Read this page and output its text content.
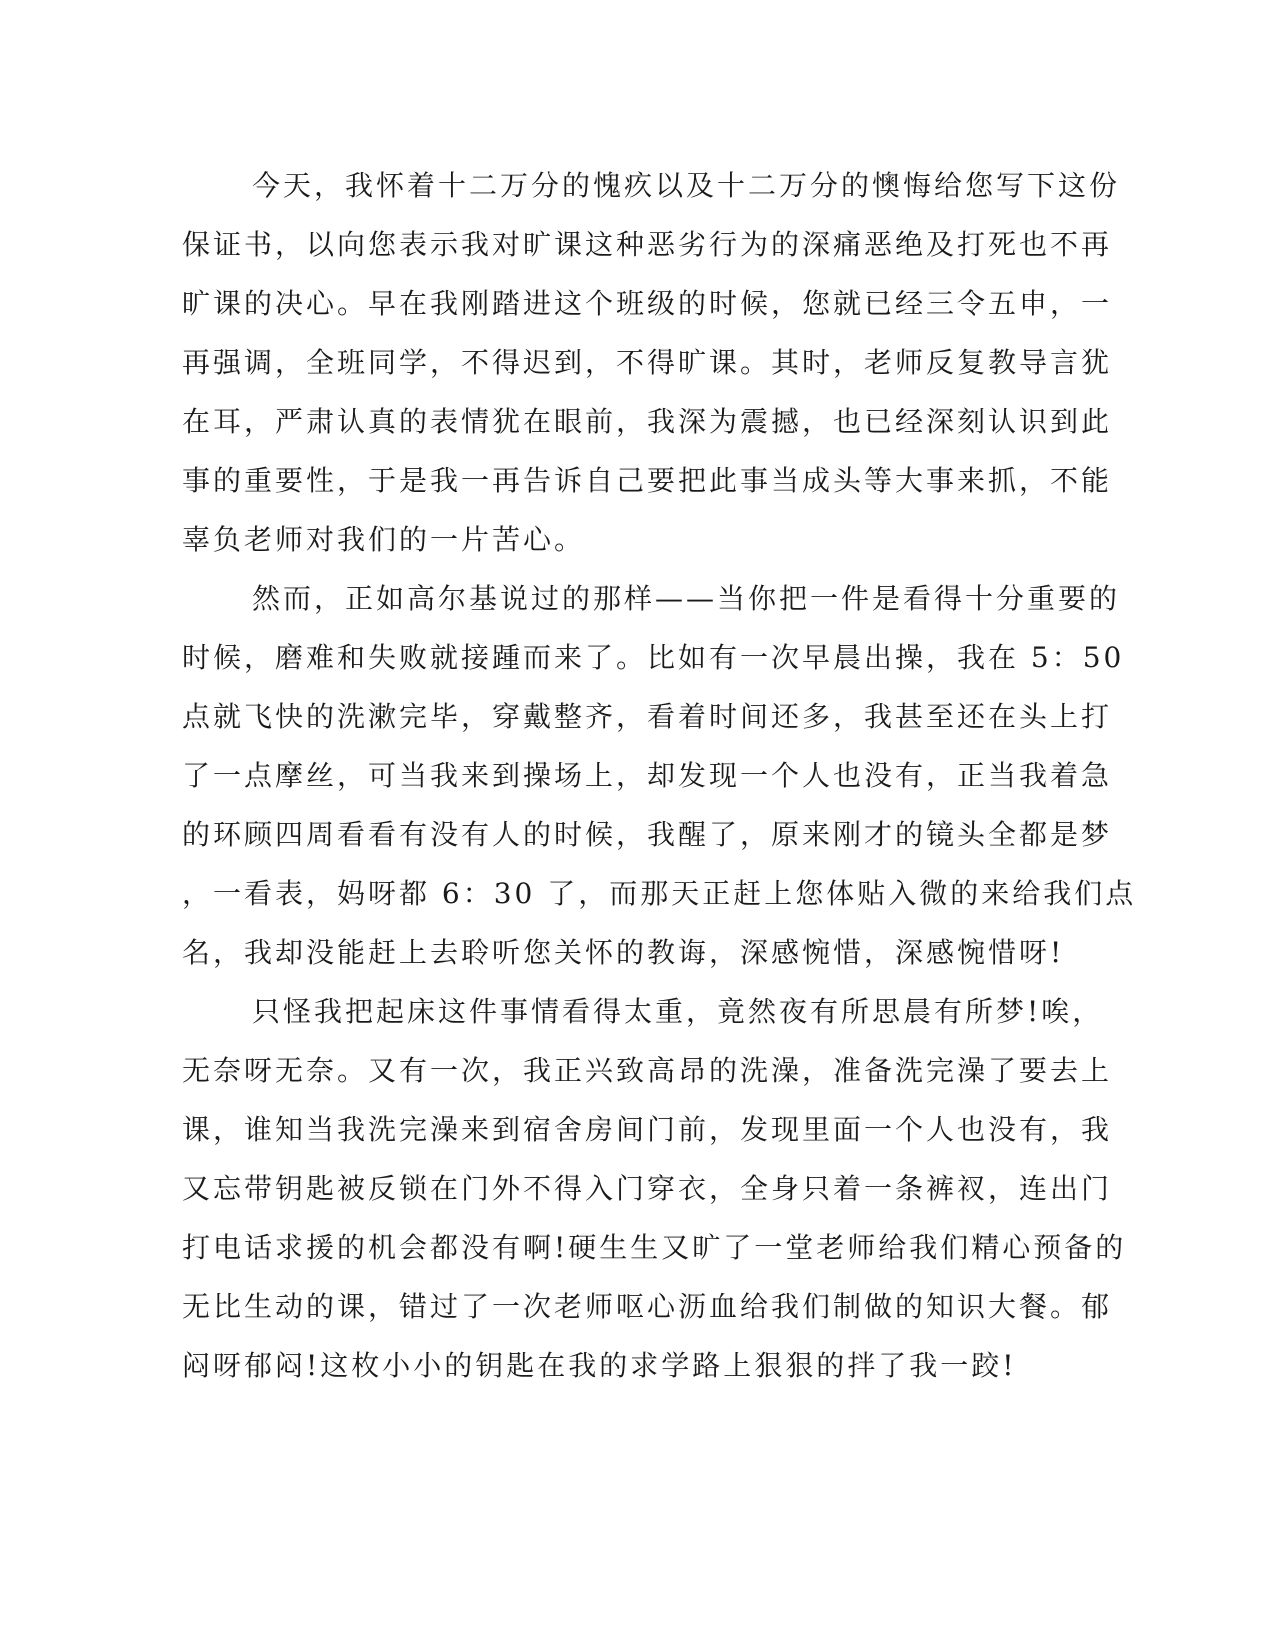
今天，我怀着十二万分的愧疚以及十二万分的懊悔给您写下这份
保证书，以向您表示我对旷课这种恶劣行为的深痛恶绝及打死也不再
旷课的决心。早在我刚踏进这个班级的时候，您就已经三令五申，一
再强调，全班同学，不得迟到，不得旷课。其时，老师反复教导言犹
在耳，严肃认真的表情犹在眼前，我深为震撼，也已经深刻认识到此
事的重要性，于是我一再告诉自己要把此事当成头等大事来抓，不能
辜负老师对我们的一片苦心。
然而，正如高尔基说过的那样——当你把一件是看得十分重要的
时候，磨难和失败就接踵而来了。比如有一次早晨出操，我在 5：50
点就飞快的洗漱完毕，穿戴整齐，看着时间还多，我甚至还在头上打
了一点摩丝，可当我来到操场上，却发现一个人也没有，正当我着急
的环顾四周看看有没有人的时候，我醒了，原来刚才的镜头全都是梦
，一看表，妈呀都 6：30 了，而那天正赶上您体贴入微的来给我们点
名，我却没能赶上去聆听您关怀的教诲，深感惋惜，深感惋惜呀!
只怪我把起床这件事情看得太重，竟然夜有所思晨有所梦!唉，
无奈呀无奈。又有一次，我正兴致高昂的洗澡，准备洗完澡了要去上
课，谁知当我洗完澡来到宿舍房间门前，发现里面一个人也没有，我
又忘带钥匙被反锁在门外不得入门穿衣，全身只着一条裤衩，连出门
打电话求援的机会都没有啊!硬生生又旷了一堂老师给我们精心预备的
无比生动的课，错过了一次老师呕心沥血给我们制做的知识大餐。郁
闷呀郁闷!这枚小小的钥匙在我的求学路上狠狠的拌了我一跤!
